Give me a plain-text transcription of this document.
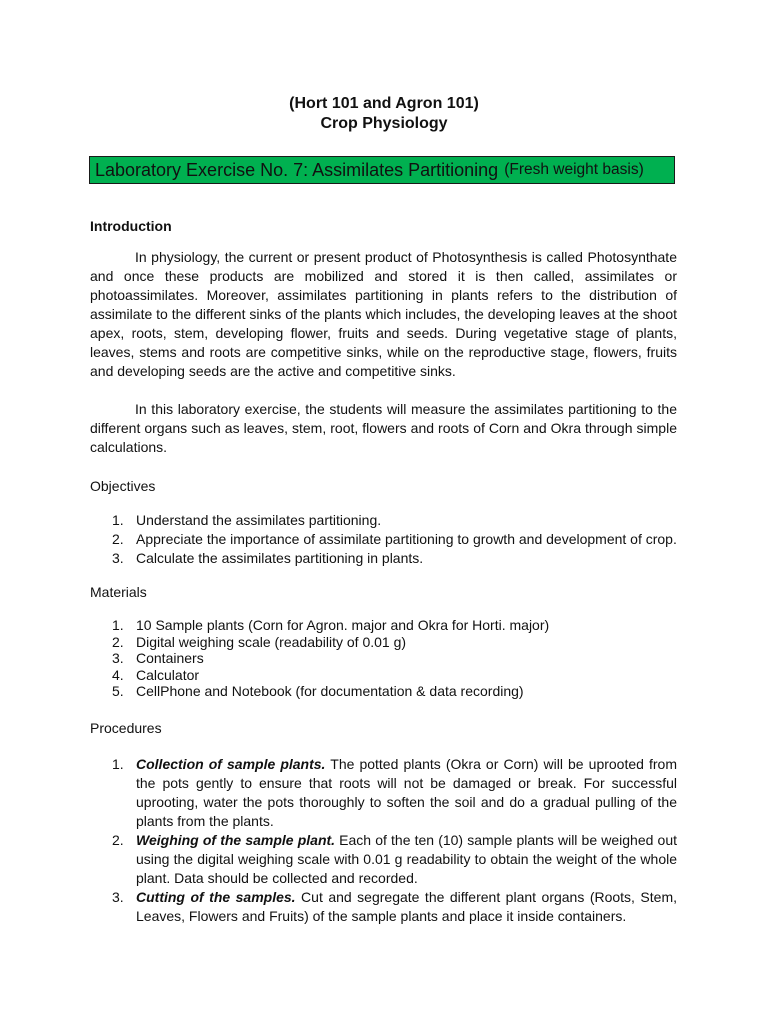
(Hort 101 and Agron 101)
Crop Physiology
Laboratory Exercise No. 7: Assimilates Partitioning (Fresh weight basis)
Introduction

In physiology, the current or present product of Photosynthesis is called Photosynthate and once these products are mobilized and stored it is then called, assimilates or photoassimilates. Moreover, assimilates partitioning in plants refers to the distribution of assimilate to the different sinks of the plants which includes, the developing leaves at the shoot apex, roots, stem, developing flower, fruits and seeds. During vegetative stage of plants, leaves, stems and roots are competitive sinks, while on the reproductive stage, flowers, fruits and developing seeds are the active and competitive sinks.

In this laboratory exercise, the students will measure the assimilates partitioning to the different organs such as leaves, stem, root, flowers and roots of Corn and Okra through simple calculations.

Objectives
1. Understand the assimilates partitioning.
2. Appreciate the importance of assimilate partitioning to growth and development of crop.
3. Calculate the assimilates partitioning in plants.
Materials
1. 10 Sample plants (Corn for Agron. major and Okra for Horti. major)
2. Digital weighing scale (readability of 0.01 g)
3. Containers
4. Calculator
5. CellPhone and Notebook (for documentation & data recording)
Procedures
1. Collection of sample plants. The potted plants (Okra or Corn) will be uprooted from the pots gently to ensure that roots will not be damaged or break. For successful uprooting, water the pots thoroughly to soften the soil and do a gradual pulling of the plants from the plants.
2. Weighing of the sample plant. Each of the ten (10) sample plants will be weighed out using the digital weighing scale with 0.01 g readability to obtain the weight of the whole plant. Data should be collected and recorded.
3. Cutting of the samples. Cut and segregate the different plant organs (Roots, Stem, Leaves, Flowers and Fruits) of the sample plants and place it inside containers.
